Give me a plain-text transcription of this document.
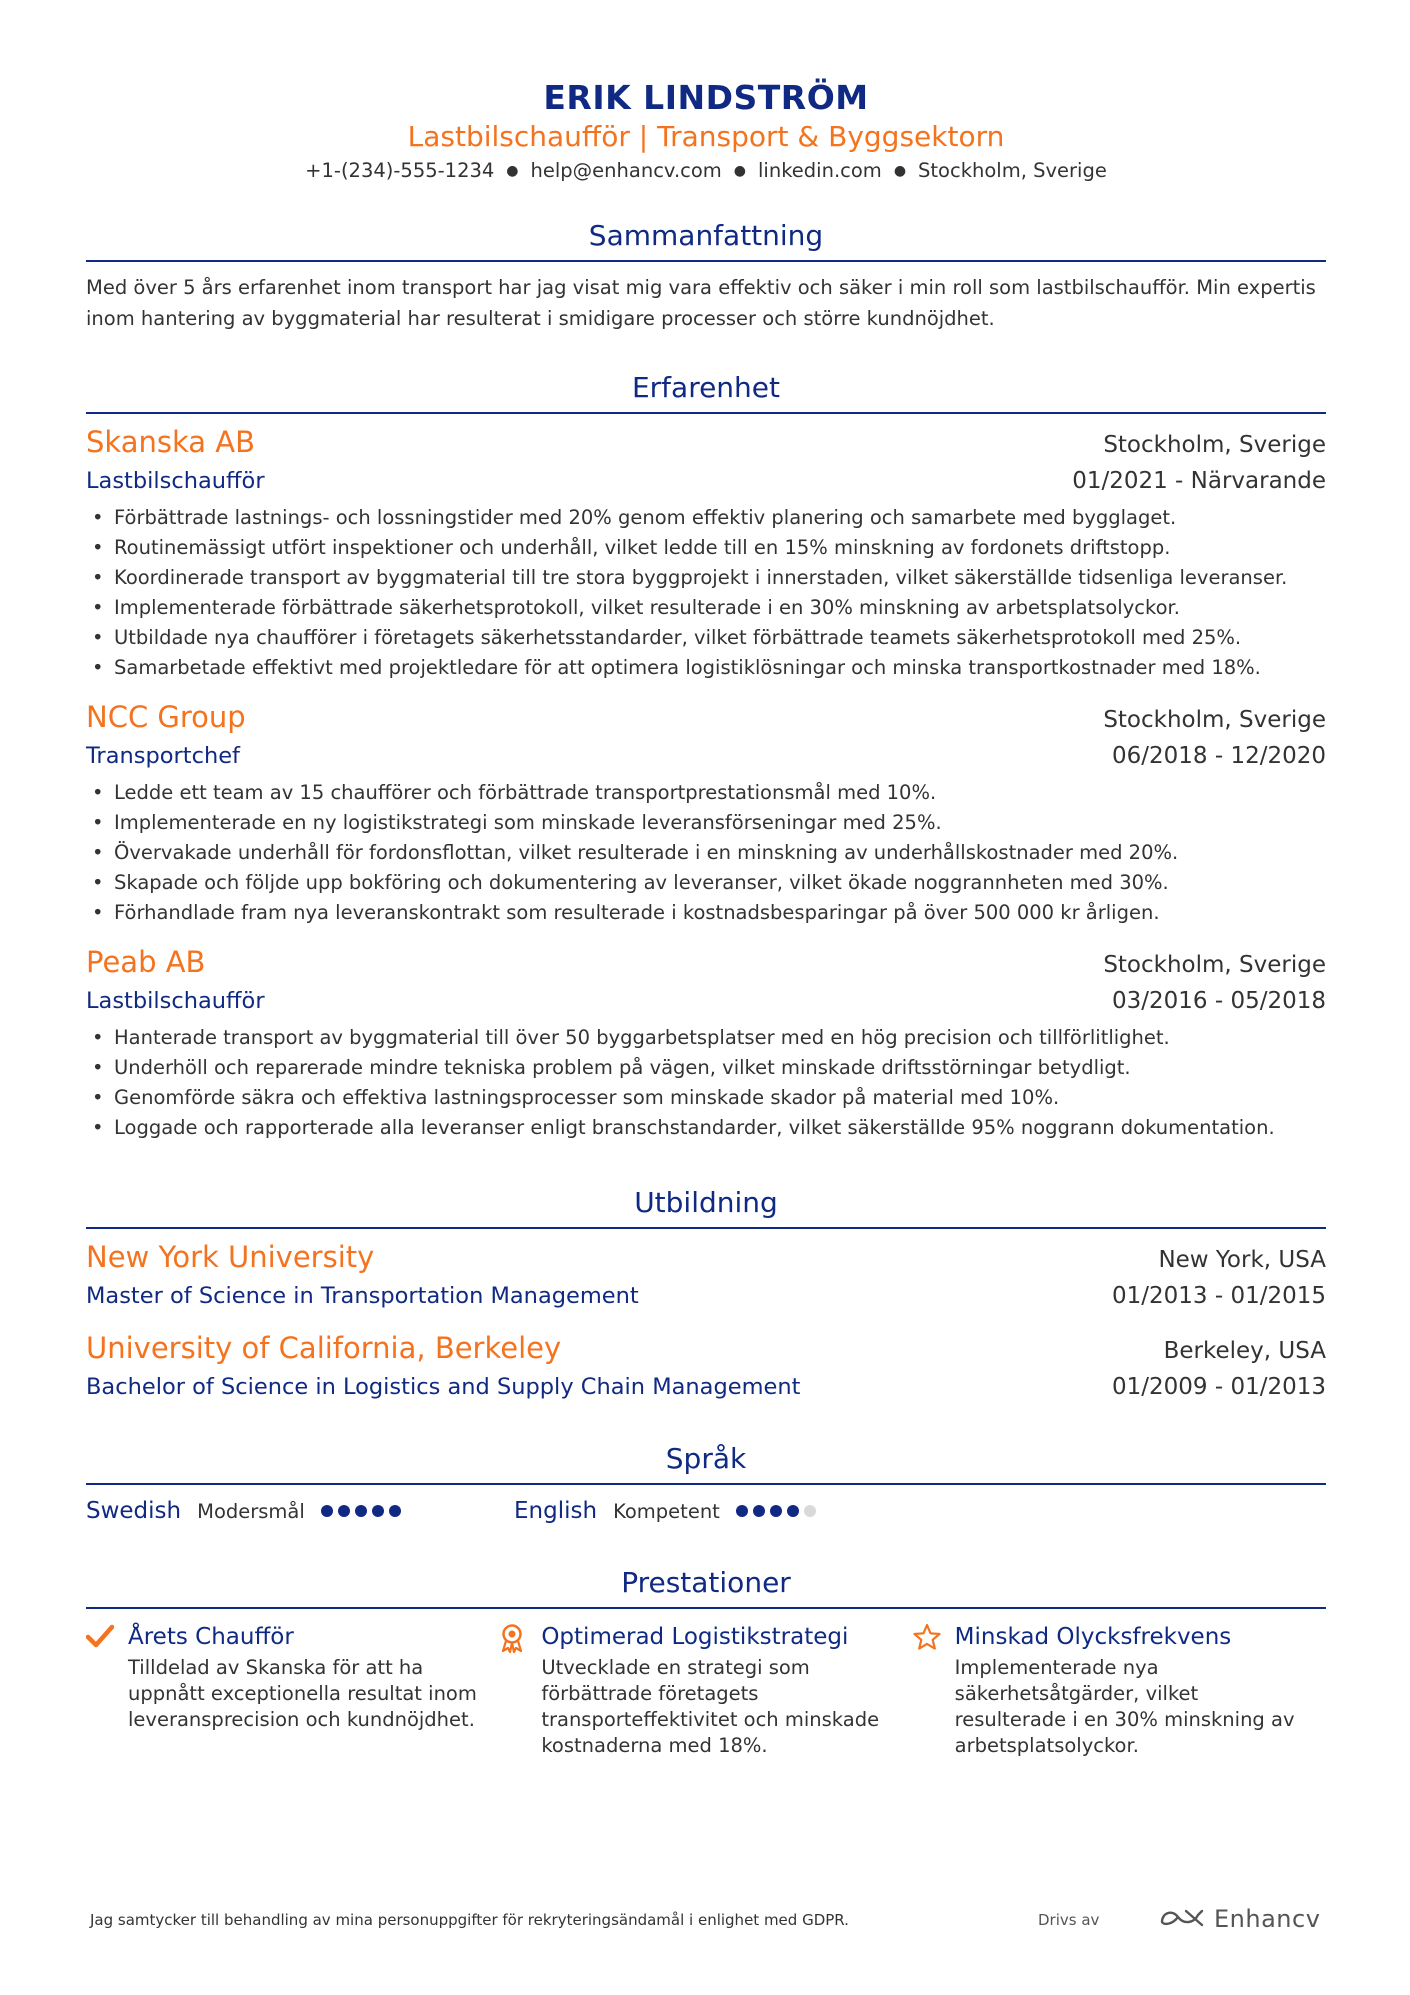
ERIK LINDSTRÖM
Lastbilschaufför | Transport & Byggsektorn
+1-(234)-555-1234 ● help@enhancv.com ● linkedin.com ● Stockholm, Sverige
Sammanfattning
Med över 5 års erfarenhet inom transport har jag visat mig vara effektiv och säker i min roll som lastbilschaufför. Min expertis inom hantering av byggmaterial har resulterat i smidigare processer och större kundnöjdhet.
Erfarenhet
Skanska AB	Stockholm, Sverige
Lastbilschaufför	01/2021 - Närvarande
• Förbättrade lastnings- och lossningstider med 20% genom effektiv planering och samarbete med bygglaget.
• Routinemässigt utfört inspektioner och underhåll, vilket ledde till en 15% minskning av fordonets driftstopp.
• Koordinerade transport av byggmaterial till tre stora byggprojekt i innerstaden, vilket säkerställde tidsenliga leveranser.
• Implementerade förbättrade säkerhetsprotokoll, vilket resulterade i en 30% minskning av arbetsplatsolyckor.
• Utbildade nya chaufförer i företagets säkerhetsstandarder, vilket förbättrade teamets säkerhetsprotokoll med 25%.
• Samarbetade effektivt med projektledare för att optimera logistiklösningar och minska transportkostnader med 18%.
NCC Group	Stockholm, Sverige
Transportchef	06/2018 - 12/2020
• Ledde ett team av 15 chaufförer och förbättrade transportprestationsmål med 10%.
• Implementerade en ny logistikstrategi som minskade leveransförseningar med 25%.
• Övervakade underhåll för fordonsflottan, vilket resulterade i en minskning av underhållskostnader med 20%.
• Skapade och följde upp bokföring och dokumentering av leveranser, vilket ökade noggrannheten med 30%.
• Förhandlade fram nya leveranskontrakt som resulterade i kostnadsbesparingar på över 500 000 kr årligen.
Peab AB	Stockholm, Sverige
Lastbilschaufför	03/2016 - 05/2018
• Hanterade transport av byggmaterial till över 50 byggarbetsplatser med en hög precision och tillförlitlighet.
• Underhöll och reparerade mindre tekniska problem på vägen, vilket minskade driftsstörningar betydligt.
• Genomförde säkra och effektiva lastningsprocesser som minskade skador på material med 10%.
• Loggade och rapporterade alla leveranser enligt branschstandarder, vilket säkerställde 95% noggrann dokumentation.
Utbildning
New York University	New York, USA
Master of Science in Transportation Management	01/2013 - 01/2015
University of California, Berkeley	Berkeley, USA
Bachelor of Science in Logistics and Supply Chain Management	01/2009 - 01/2013
Språk
Swedish Modersmål	English Kompetent
Prestationer
Årets Chaufför
Tilldelad av Skanska för att ha uppnått exceptionella resultat inom leveransprecision och kundnöjdhet.
Optimerad Logistikstrategi
Utvecklade en strategi som förbättrade företagets transporteffektivitet och minskade kostnaderna med 18%.
Minskad Olycksfrekvens
Implementerade nya säkerhetsåtgärder, vilket resulterade i en 30% minskning av arbetsplatsolyckor.
Jag samtycker till behandling av mina personuppgifter för rekryteringsändamål i enlighet med GDPR.	Drivs av	Enhancv
